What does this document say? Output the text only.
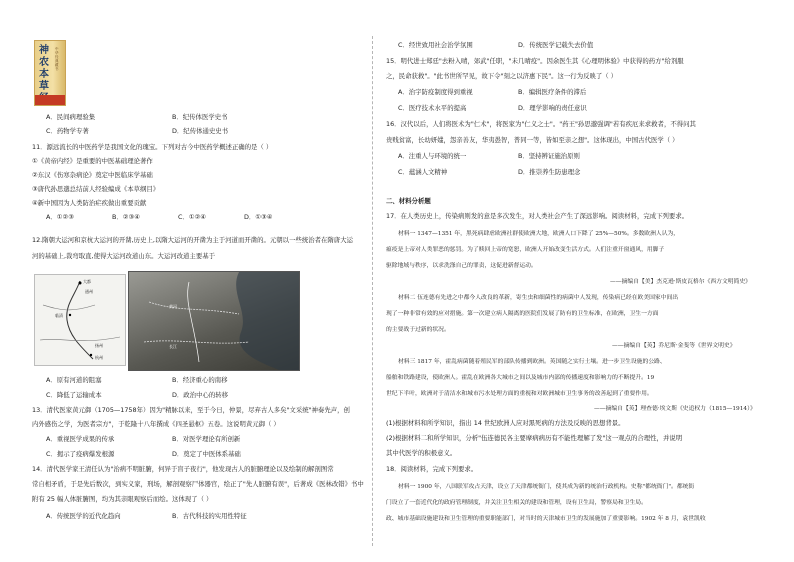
神农本草
中华经典藏书
A．民间病理验集	B．纪传体医学史书
C．药物学专著	D．纪传体通史史书
11．源远流长的中医药学是我国文化的瑰宝。下列对古今中医药学概述正确的是（ ）
①《黄帝内经》是重要的中医基础理论著作
②东汉《伤寒杂病论》奠定中医临床学基础
③唐代孙思邈总结前人经验编成《本草纲目》
④新中国因为人类防治疟疾做出重要贡献
A．①②③	B．②③④	C．①②④	D．①③④
12.隋朝大运河和京杭大运河的开凿,历史上,以隋大运河的开凿为主于河道而开凿的。元朝以一些统治者在隋唐大运
河的基础上,裁弯取直,使得大运河改道山东。大运河改道主要基于
大都
通州
临清
扬州
杭州
黄河
长江
A．原有河道的阻塞	B．经济重心的南移
C．降低了运输成本	D．政治中心的转移
13．清代医家黄元御（1705—1758年）因为"精脉以来，至于今日，仲景，尽弃古人多矣"文采统"神奏先声，创
内外感伤之学，为医者宗方"，于乾隆十八年撰成《四圣悬枢》五卷。这说明黄元御（ ）
A．重视医学成果的传承	B．对医学理论有所创新
C．揭示了疫病爆发根源	D．奠定了中医体系基础
14．清代医学家王清任认为"治病不明脏腑，何异于盲子夜行"，他发现古人的脏腑理论以及绘制的解剖图常
常自相矛盾，于是先后数次，到实义家，刑场，解剖观察尸体器官，绘正了"先人脏腑有误"，后著成《医林改错》书中
附有 25 幅人体脏腑图，均为其亲眼观察后而绘。这体现了（ ）
A．传统医学的近代化趋向	B．古代科技的实用性特征
C．经世致用社会治学氛围	D．传统医学记载失去价值
15．明代进士郑廷"去粉入晴，郊武"任职，"未几晴疫"。因余医生其《心理明体验》中获得的药方"给剂服
之，民命获救"。"此书世所罕见，故下令"刻之以济惠下民"。这一行为反映了（ ）
A．治宇防疫制度得到重视	B．编辑医疗条件的滞后
C．医疗技术水平的提高	D．理学影响的责任意识
16．汉代以后，人们将医术为"仁术"，将医家为"仁义之士"。"药王"孙思邈强调"若有疾厄来求救者，不得问其
贵贱贫富，长幼妍媸，怨亲善友，华夷愚智，普同一等，皆如至亲之想"。这体现出，中国古代医学（ ）
A．注重人与环境的统一	B．坚持辨证施治原则
C．蕴涵人文精神	D．推崇养生防患理念
二、材料分析题
17．在人类历史上，传染病则发的意是多次发生，对人类社会产生了深远影响。阅读材料，完成下列要求。
材料一 1347—1351 年，黑死病肆虐欧洲社群使欧洲大地，欧洲人口下降了 25%—50%。多数欧洲人认为，
瘟疫是上帝对人类罪恶的惩罚。为了赎回上帝的宽恕，欧洲人开始改变生活方式。人们注重开窗通风，用脚子
驱除地域与秩序，以求洗涤自己的罪责，这促进新督运动。
——摘编自【美】杰克逊·斯皮瓦格尔《西方文明简史》
材料二 伍连德有先进之中都今人改良的革新，寄生虫和细菌性的病菌中人发现，传染病已经在欧美国家中间出
现了一种非常有效的应对措施。第一次建立病人隔离的医院们发展了防有的卫生标准，在欧洲，卫生一方面
的主要战于过新的状况。
——摘编自【英】乔尼斯·金斐等《世界文明史》
材料三 1817 年，霍乱病菌随着殖民军的部队传播到欧洲。英国随之实行土壤。进一步卫生设施的公路、
船舶和铁路建设，使欧洲人。霍乱在欧洲各大城市之间以及城市内部的传播速度和影响力的不断提升。19
世纪下半叶，欧洲对于清洁水和城市污水处理方面的重视和对欧洲城市卫生事务的改善起到了重要作用。
——摘编自【英】理查德·埃文斯《史追权力（1815—1914）》
(1)根据材料和所学知识，指出 14 世纪欧洲人应对黑死病的方法及反映的思想背景。
(2)根据材料二和所学知识，分析"伍连德民各主要摩病病历有不能性理解了发"这一观点的合理性，并说明
其中代医学的积极意义。
18．阅读材料，完成下列要求。
材料一 1900 年，八国联军攻占天津，设立了天津都统衙门，使其成为新的统治行政机构。史称"都统衙门"。都统衙
门设立了一套近代化的政府管理制度，并关注卫生相关的建设和管理，设有卫生局，警察局和卫生局。
政、城市基础设施建设和卫生管理的重要职能部门，对当时的天津城市卫生的发展施加了重要影响。1902 年 8 月，袁世凯收
